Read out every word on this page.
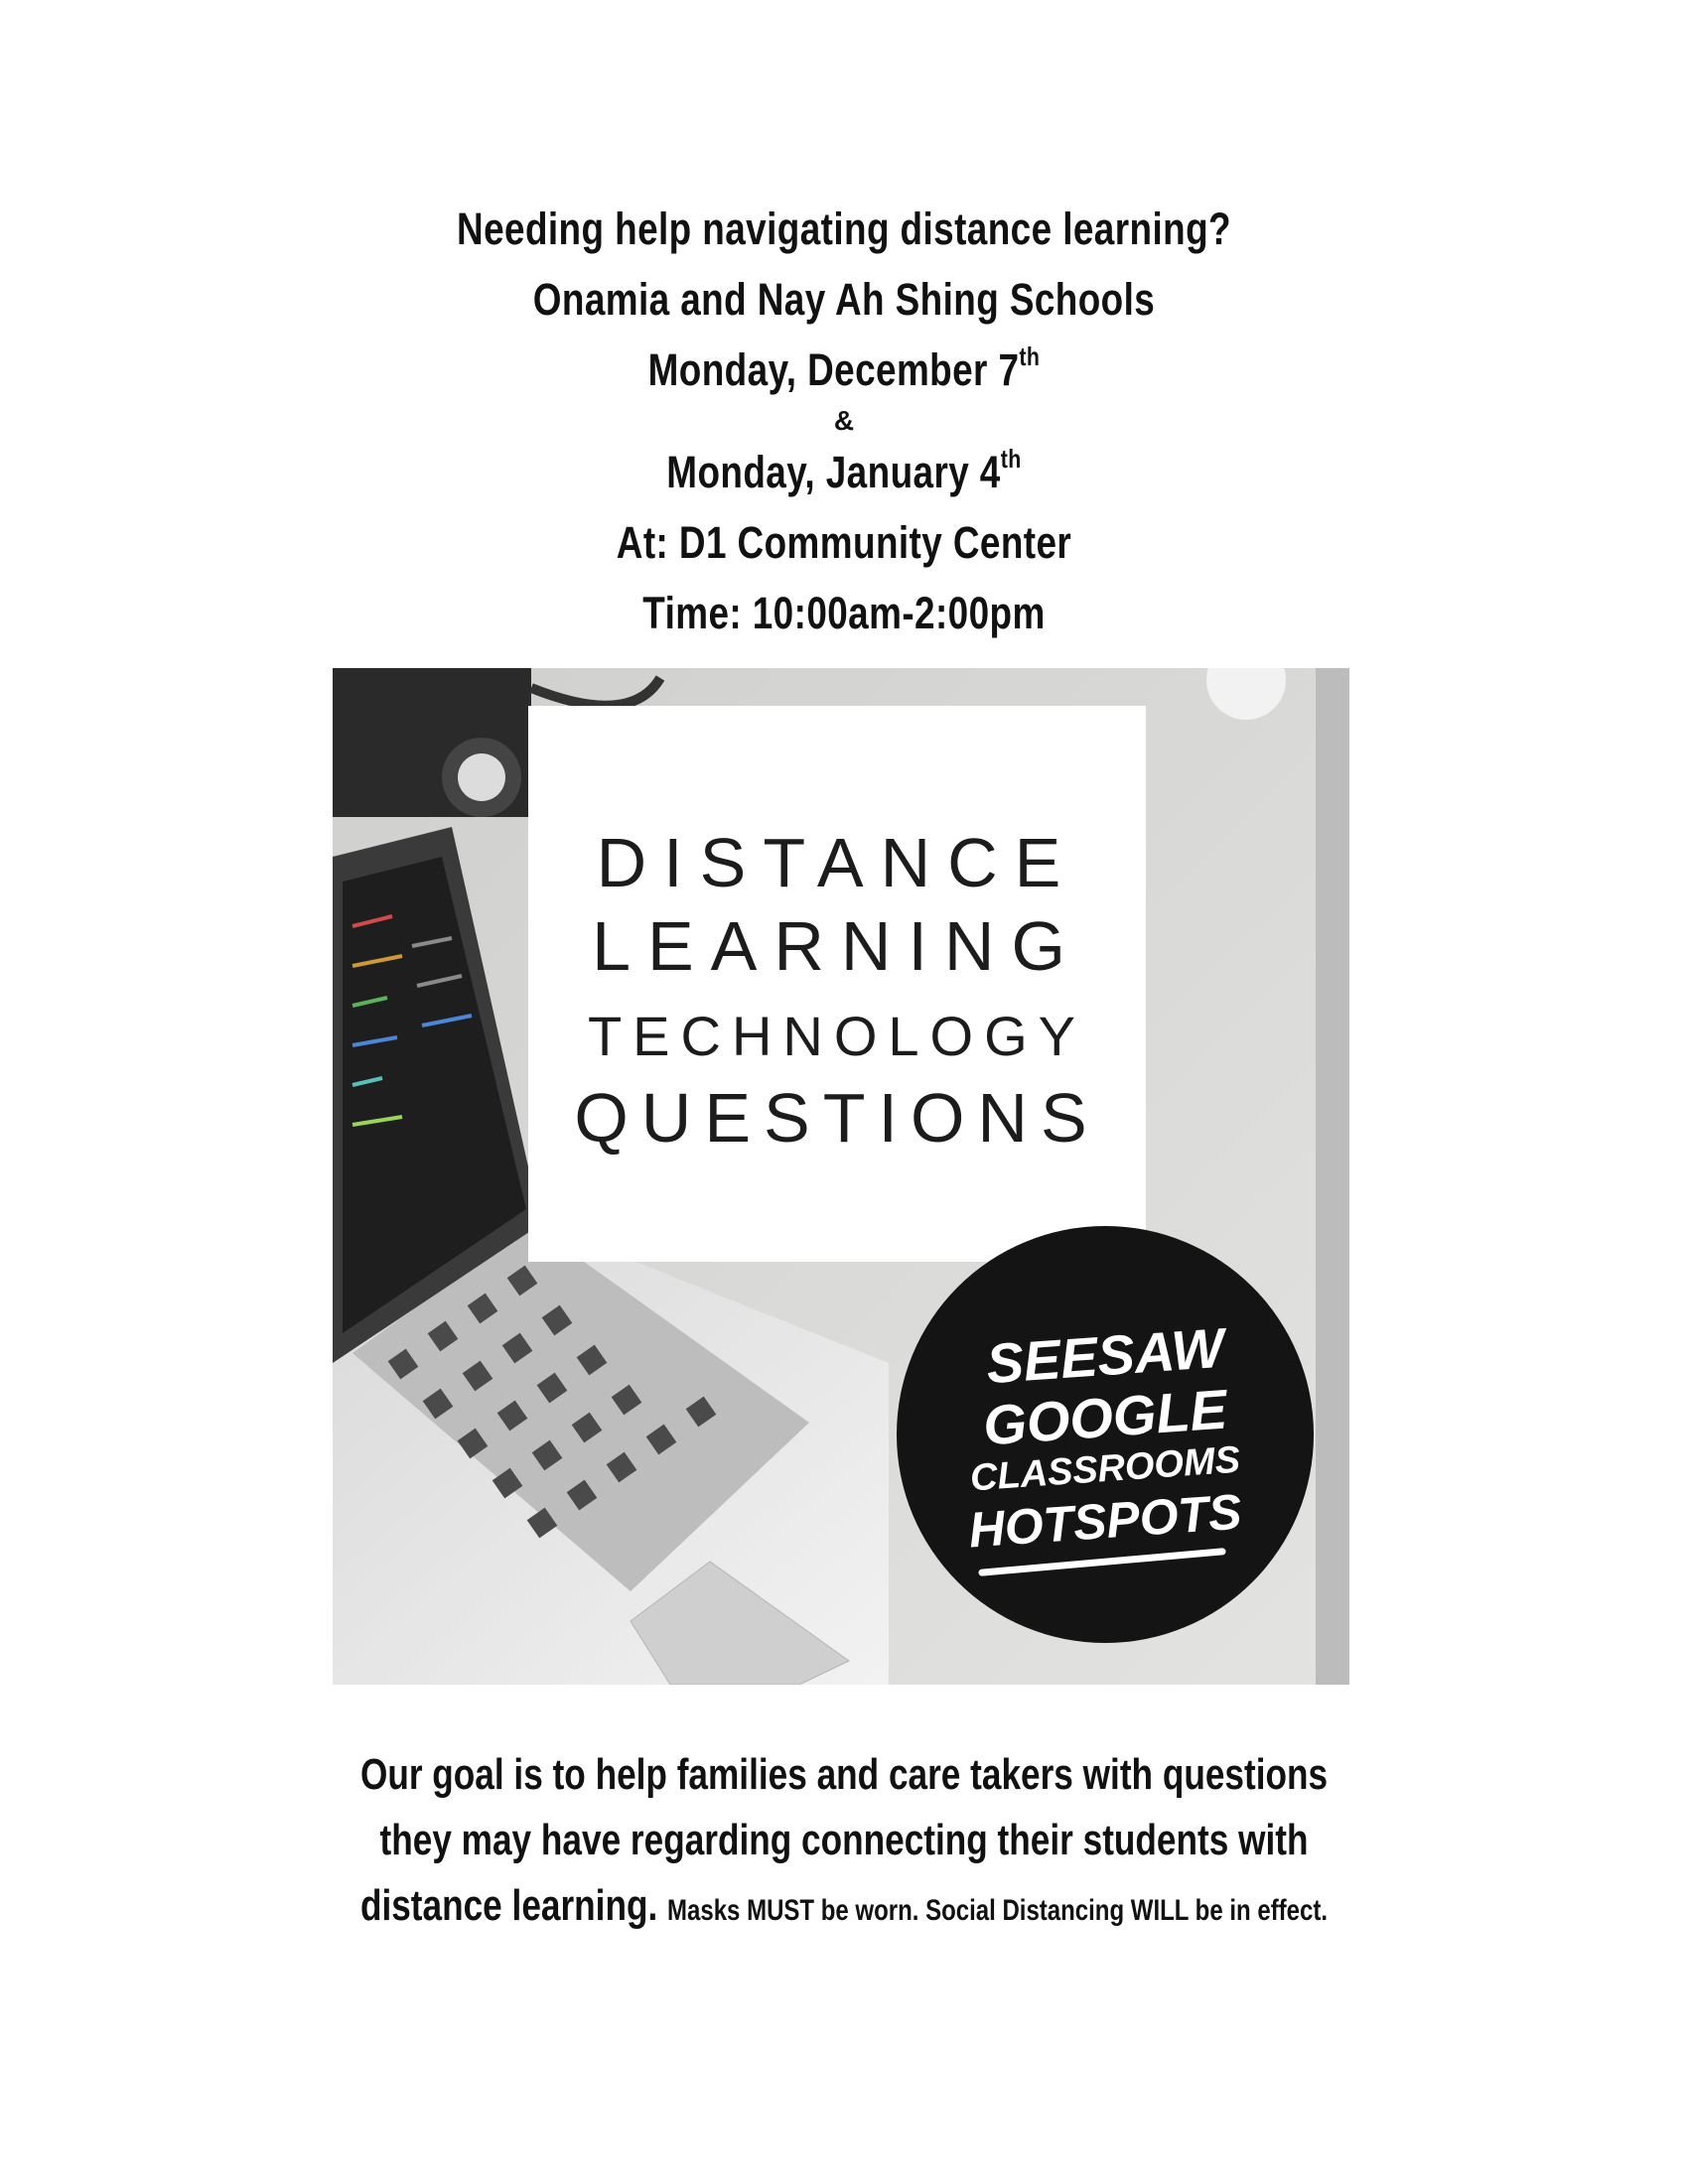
Needing help navigating distance learning?
Onamia and Nay Ah Shing Schools
Monday, December 7th
&
Monday, January 4th
At: D1 Community Center
Time: 10:00am-2:00pm
DISTANCE
LEARNING
TECHNOLOGY
QUESTIONS
SEESAW
GOOGLE
CLASSROOMS
HOTSPOTS
Our goal is to help families and care takers with questions
they may have regarding connecting their students with
distance learning. Masks MUST be worn. Social Distancing WILL be in effect.
